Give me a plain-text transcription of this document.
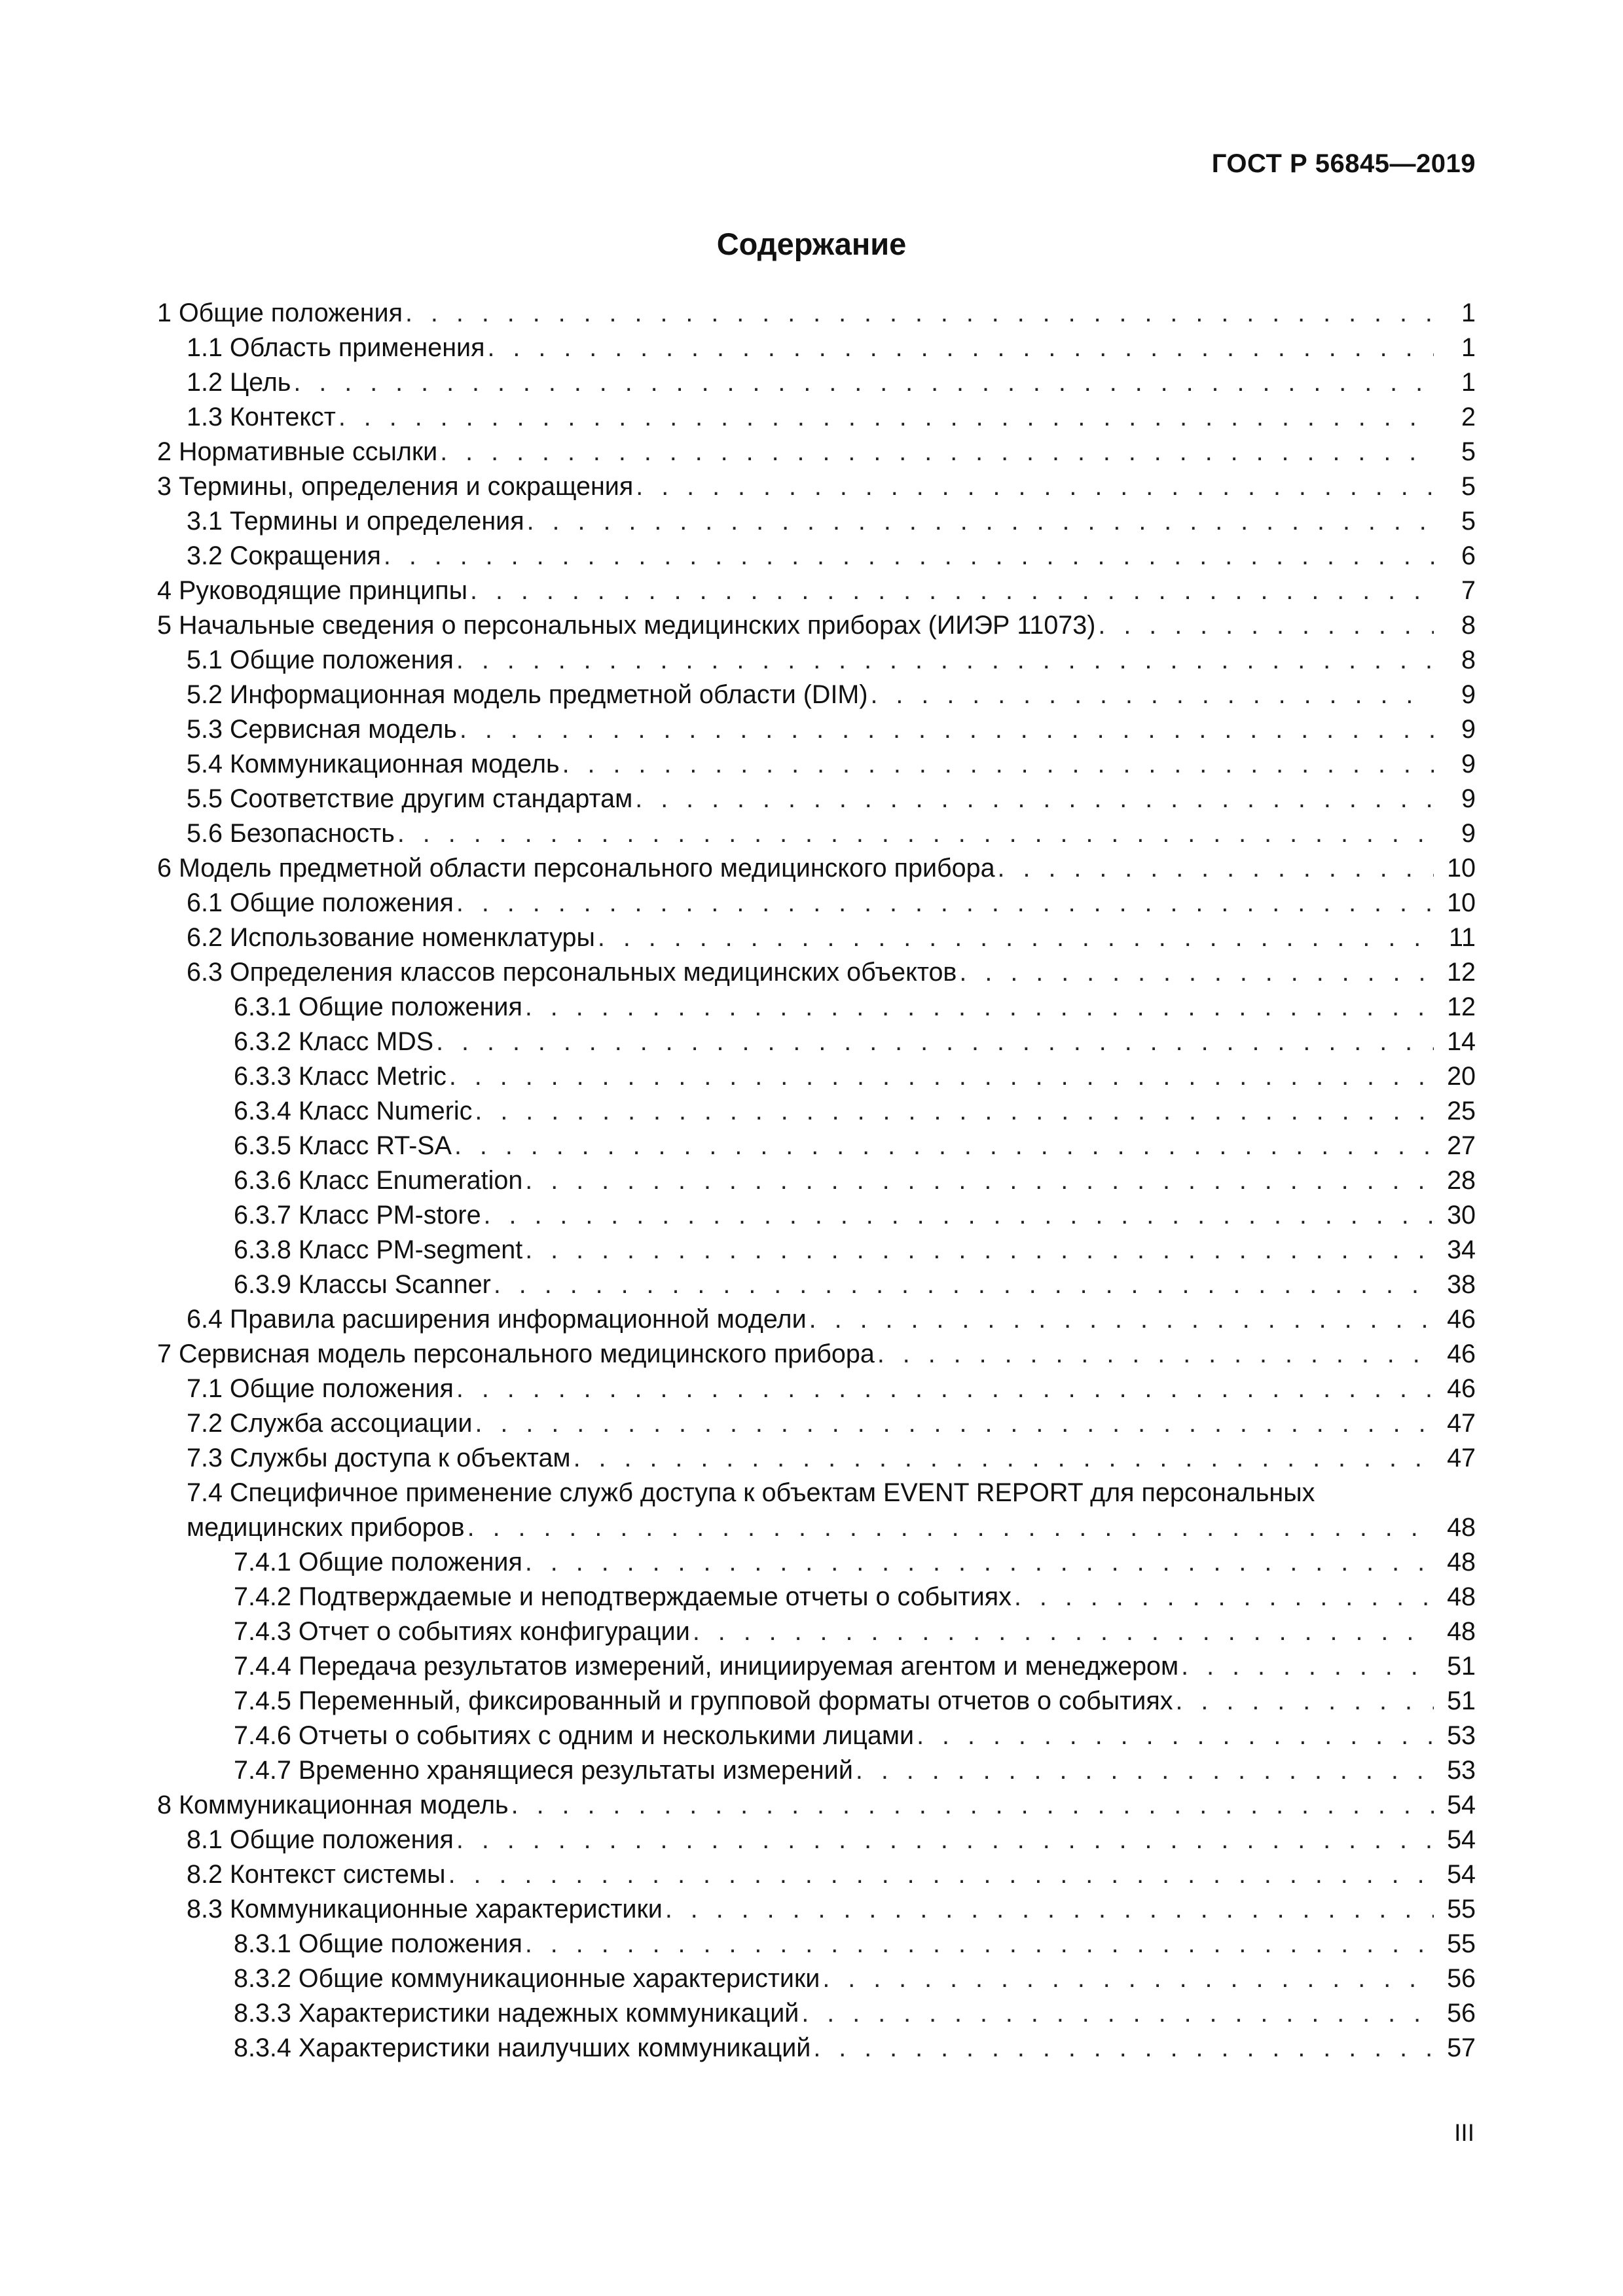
ГОСТ Р 56845—2019
Содержание
1 Общие положения . . .	1
1.1 Область применения . . .	1
1.2 Цель . . .	1
1.3 Контекст . . .	2
2 Нормативные ссылки . . .	5
3 Термины, определения и сокращения . . .	5
3.1 Термины и определения . . .	5
3.2 Сокращения . . .	6
4 Руководящие принципы . . .	7
5 Начальные сведения о персональных медицинских приборах (ИИЭР 11073) . . .	8
5.1 Общие положения . . .	8
5.2 Информационная модель предметной области (DIM) . . .	9
5.3 Сервисная модель . . .	9
5.4 Коммуникационная модель . . .	9
5.5 Соответствие другим стандартам . . .	9
5.6 Безопасность . . .	9
6 Модель предметной области персонального медицинского прибора . . .	10
6.1 Общие положения . . .	10
6.2 Использование номенклатуры . . .	11
6.3 Определения классов персональных медицинских объектов . . .	12
6.3.1 Общие положения . . .	12
6.3.2 Класс MDS . . .	14
6.3.3 Класс Metric . . .	20
6.3.4 Класс Numeric . . .	25
6.3.5 Класс RT-SA . . .	27
6.3.6 Класс Enumeration . . .	28
6.3.7 Класс PM-store . . .	30
6.3.8 Класс PM-segment . . .	34
6.3.9 Классы Scanner . . .	38
6.4 Правила расширения информационной модели . . .	46
7 Сервисная модель персонального медицинского прибора . . .	46
7.1 Общие положения . . .	46
7.2 Служба ассоциации . . .	47
7.3 Службы доступа к объектам . . .	47
7.4 Специфичное применение служб доступа к объектам EVENT REPORT для персональных
медицинских приборов . . .	48
7.4.1 Общие положения . . .	48
7.4.2 Подтверждаемые и неподтверждаемые отчеты о событиях . . .	48
7.4.3 Отчет о событиях конфигурации . . .	48
7.4.4 Передача результатов измерений, инициируемая агентом и менеджером . . .	51
7.4.5 Переменный, фиксированный и групповой форматы отчетов о событиях . . .	51
7.4.6 Отчеты о событиях с одним и несколькими лицами . . .	53
7.4.7 Временно хранящиеся результаты измерений . . .	53
8 Коммуникационная модель . . .	54
8.1 Общие положения . . .	54
8.2 Контекст системы . . .	54
8.3 Коммуникационные характеристики . . .	55
8.3.1 Общие положения . . .	55
8.3.2 Общие коммуникационные характеристики . . .	56
8.3.3 Характеристики надежных коммуникаций . . .	56
8.3.4 Характеристики наилучших коммуникаций . . .	57
III
